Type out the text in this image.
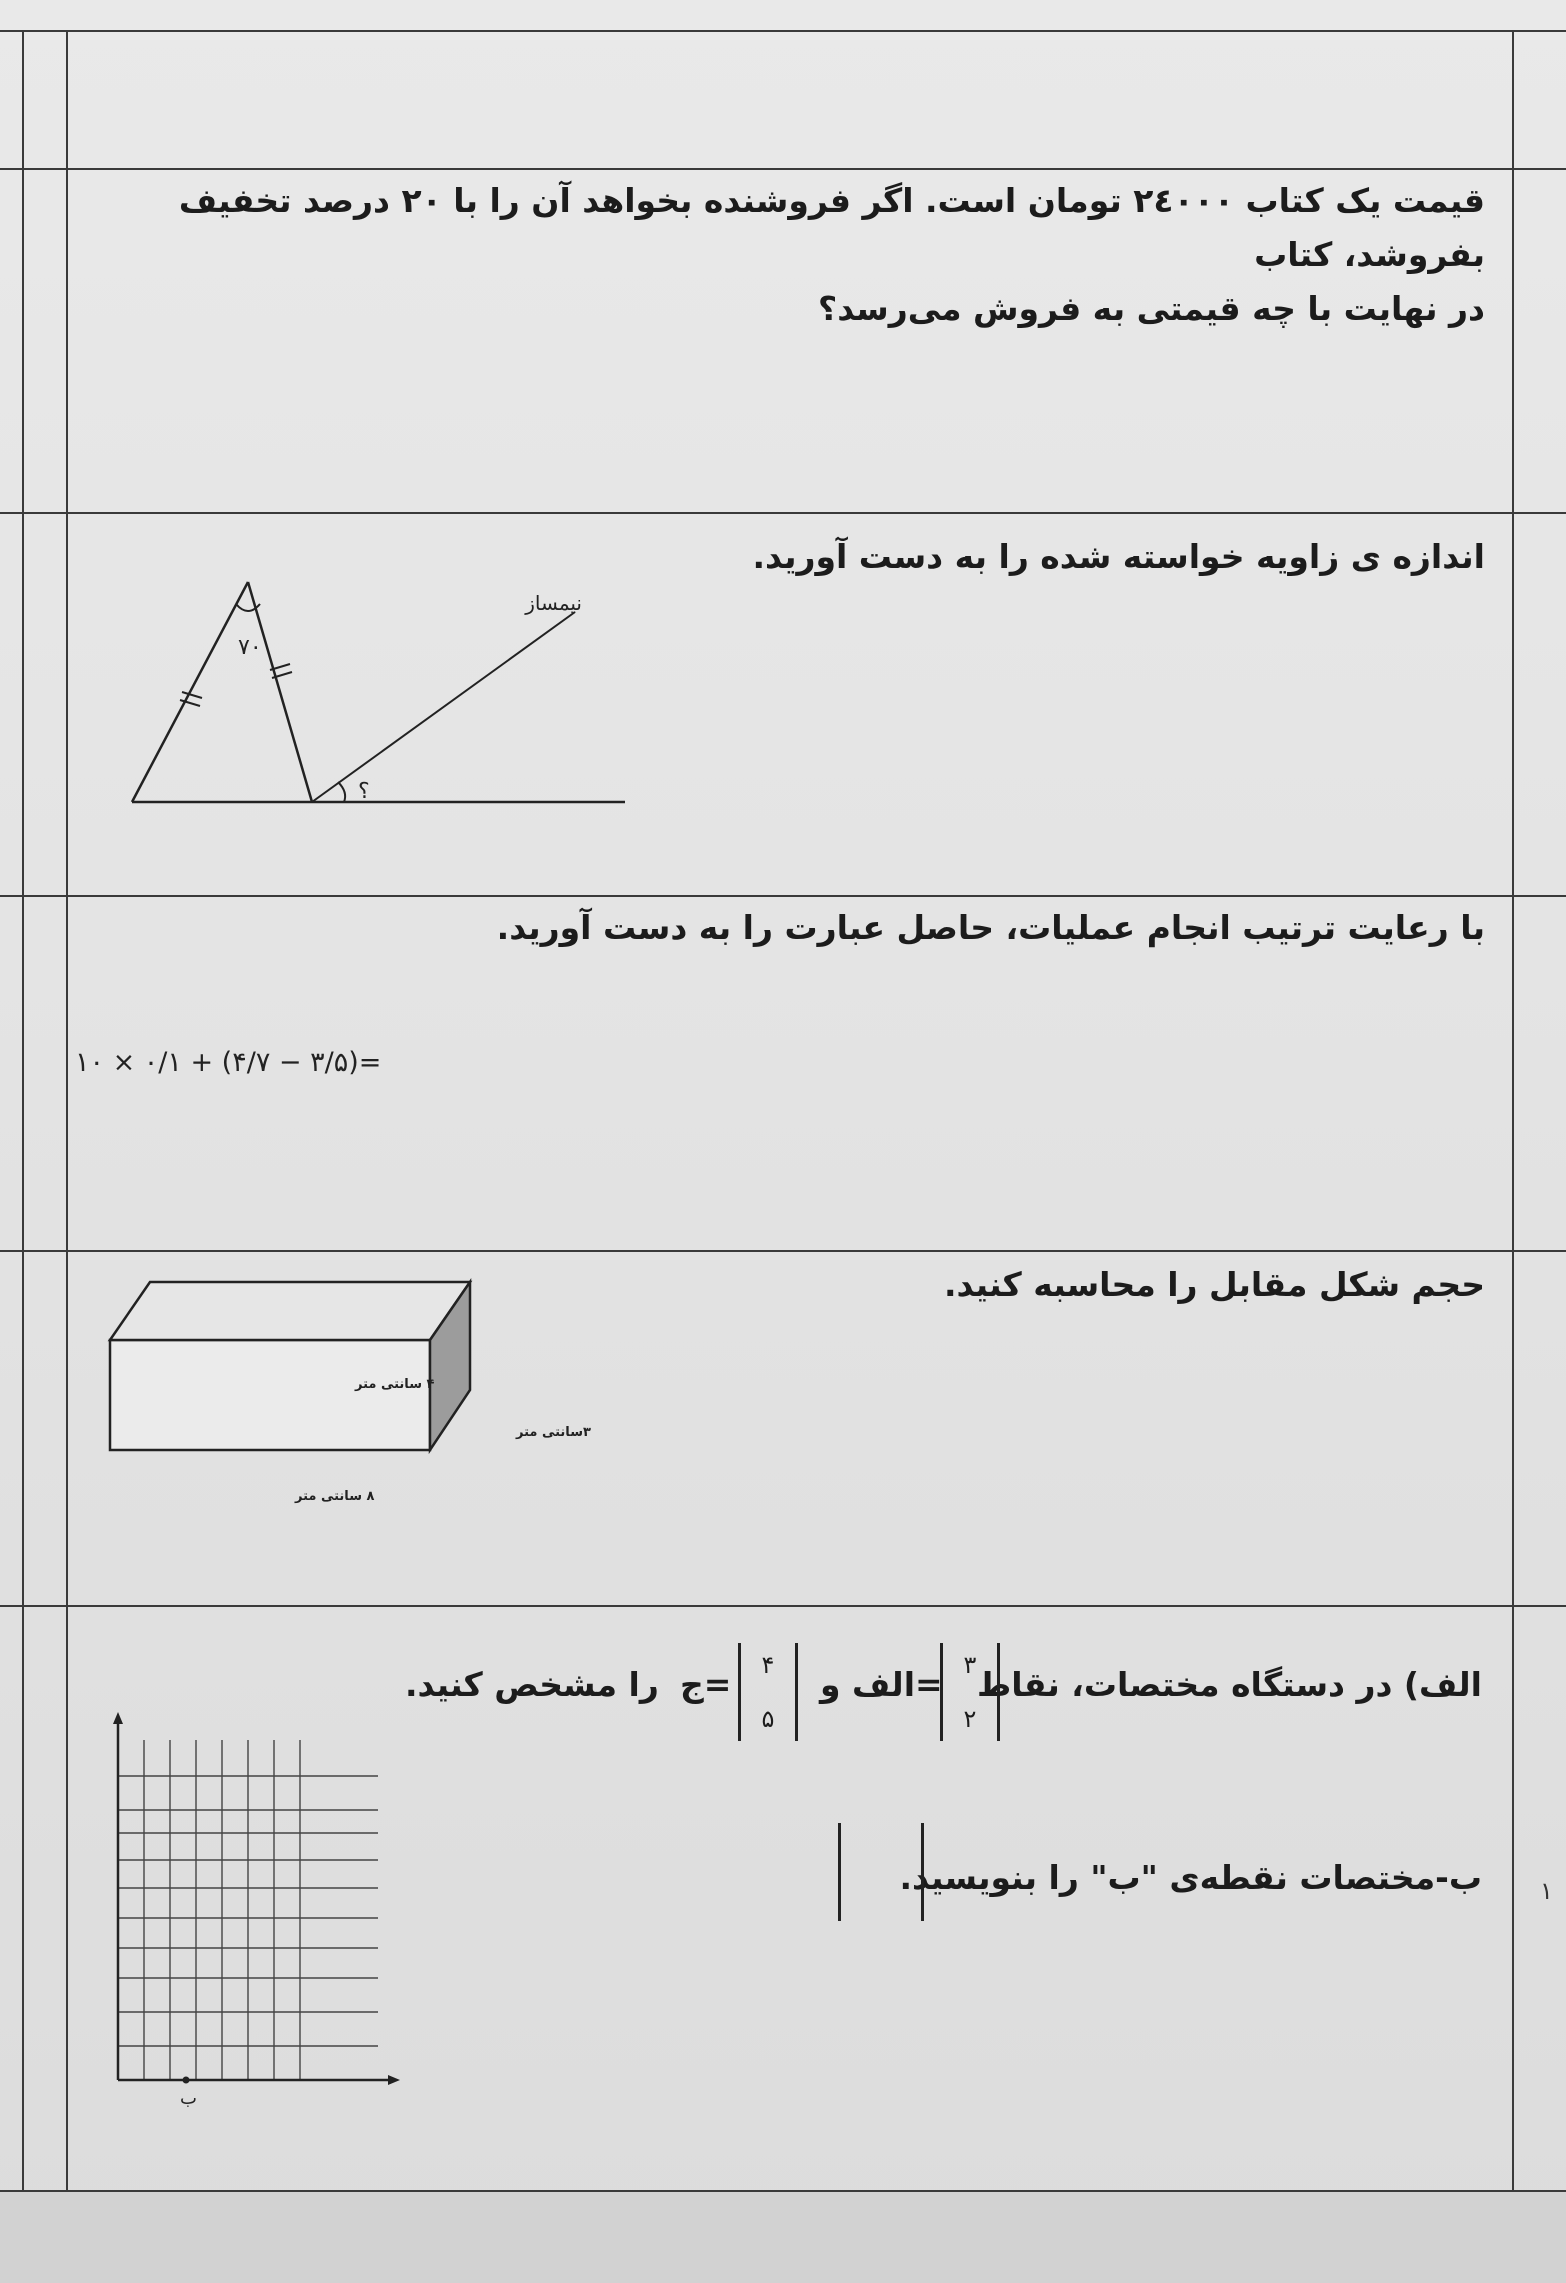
قیمت یک کتاب ۲٤۰۰۰ تومان است. اگر فروشنده بخواهد آن را با ۲۰ درصد تخفیف بفروشد، کتاب
در نهایت با چه قیمتی به فروش می‌رسد؟
اندازه ی زاویه خواسته شده را به دست آورید.
۷۰
نیمساز
؟
با رعایت ترتیب انجام عملیات، حاصل عبارت را به دست آورید.
۱۰ × ۰/۱ + (۴/۷ − ۳/۵)=
حجم شکل مقابل را محاسبه کنید.
۴ سانتی متر
۳سانتی متر
۸ سانتی متر
الف) در دستگاه مختصات، نقاط
۳
۲
=الف و
۴
۵
=ج
را مشخص کنید.
ب-مختصات نقطه‌ی "ب" را بنویسید.
ب
۱
